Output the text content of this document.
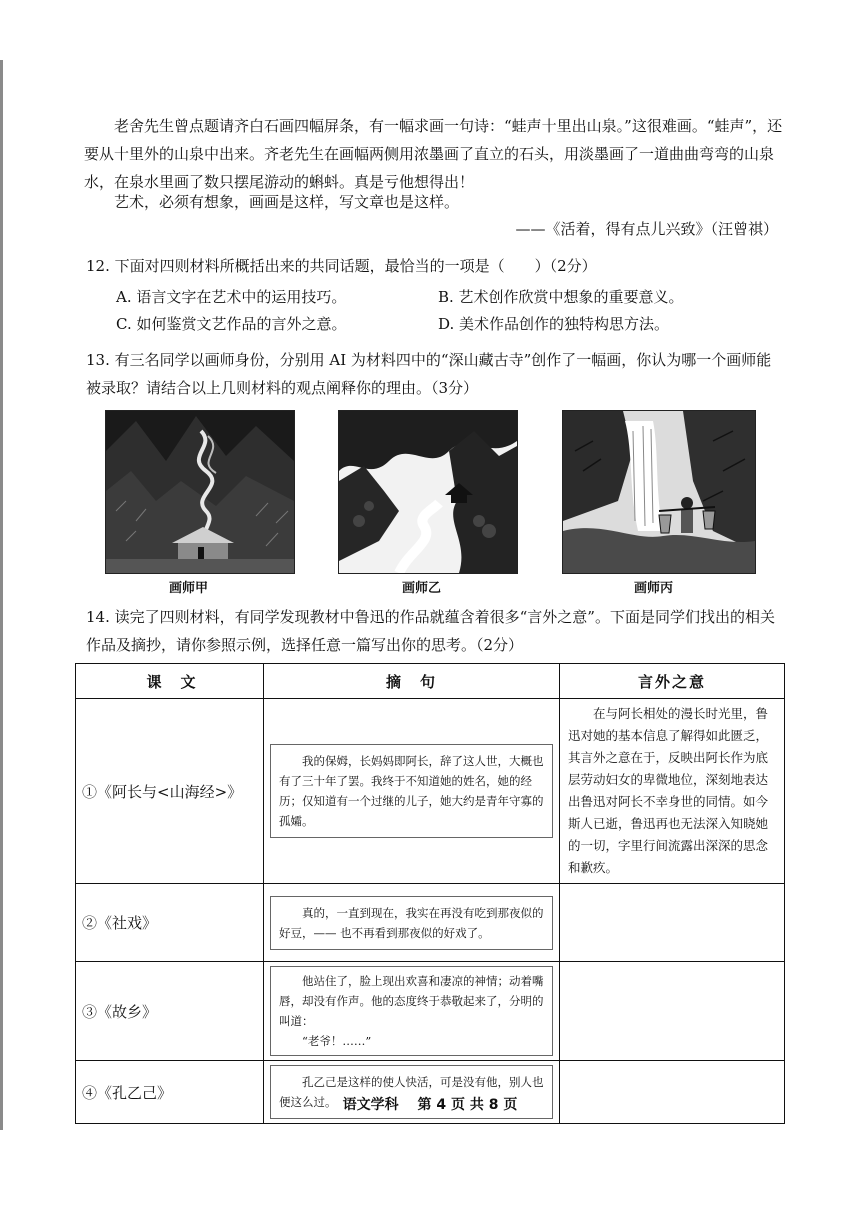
老舍先生曾点题请齐白石画四幅屏条，有一幅求画一句诗：“蛙声十里出山泉。”这很难画。“蛙声”，还要从十里外的山泉中出来。齐老先生在画幅两侧用浓墨画了直立的石头，用淡墨画了一道曲曲弯弯的山泉水，在泉水里画了数只摆尾游动的蝌蚪。真是亏他想得出！

艺术，必须有想象，画画是这样，写文章也是这样。

——《活着，得有点儿兴致》（汪曾祺）

12. 下面对四则材料所概括出来的共同话题，最恰当的一项是（　　）（2分）

A. 语言文字在艺术中的运用技巧。	B. 艺术创作欣赏中想象的重要意义。
C. 如何鉴赏文艺作品的言外之意。	D. 美术作品创作的独特构思方法。

13. 有三名同学以画师身份，分别用 AI 为材料四中的“深山藏古寺”创作了一幅画，你认为哪一个画师能被录取？请结合以上几则材料的观点阐释你的理由。（3分）

画师甲	画师乙	画师丙

14. 读完了四则材料，有同学发现教材中鲁迅的作品就蕴含着很多“言外之意”。下面是同学们找出的相关作品及摘抄，请你参照示例，选择任意一篇写出你的思考。（2分）

课　文	摘　句	言外之意
①《阿长与<山海经>》	我的保姆，长妈妈即阿长，辞了这人世，大概也有了三十年了罢。我终于不知道她的姓名，她的经历；仅知道有一个过继的儿子，她大约是青年守寡的孤孀。	在与阿长相处的漫长时光里，鲁迅对她的基本信息了解得如此匮乏，其言外之意在于，反映出阿长作为底层劳动妇女的卑微地位，深刻地表达出鲁迅对阿长不幸身世的同情。如今斯人已逝，鲁迅再也无法深入知晓她的一切，字里行间流露出深深的思念和歉疚。

②《社戏》	真的，一直到现在，我实在再没有吃到那夜似的好豆，—— 也不再看到那夜似的好戏了。	

③《故乡》	他站住了，脸上现出欢喜和凄凉的神情；动着嘴唇，却没有作声。他的态度终于恭敬起来了，分明的叫道：
“老爷！……”	

④《孔乙己》	孔乙己是这样的使人快活，可是没有他，别人也便这么过。	
	语文学科　 第 4 页 共 8 页
